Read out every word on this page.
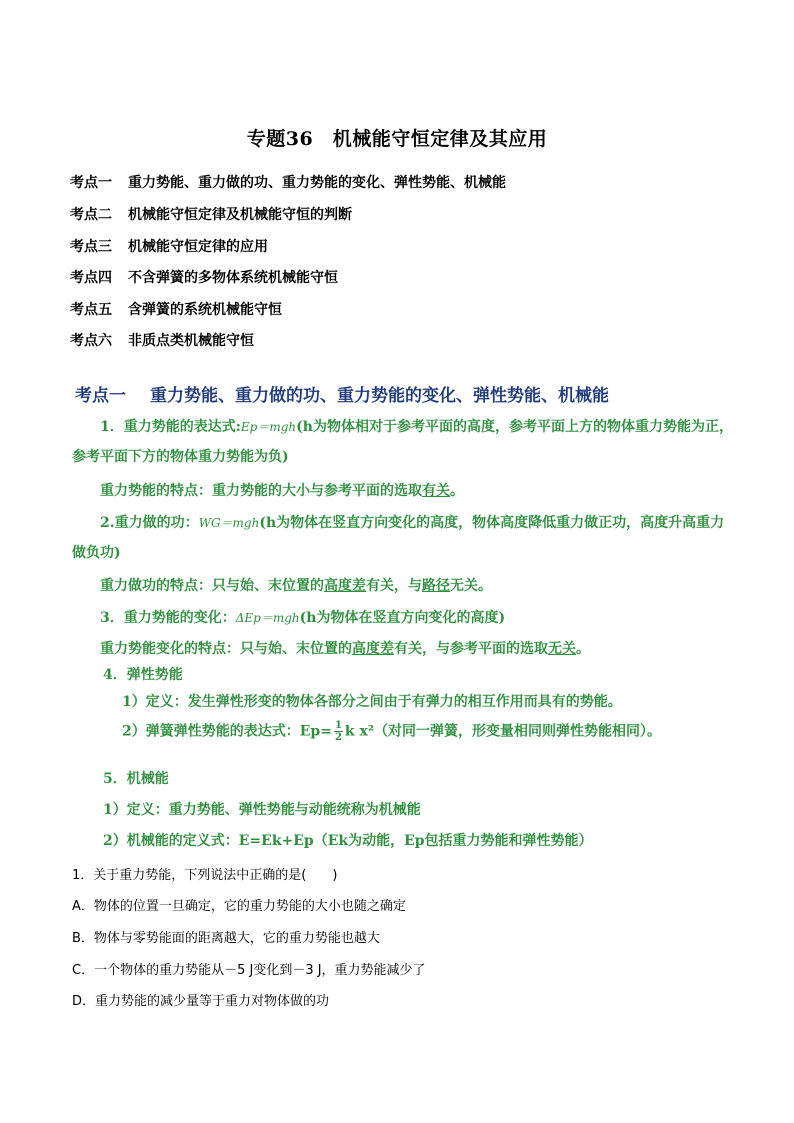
专题36　机械能守恒定律及其应用
考点一 重力势能、重力做的功、重力势能的变化、弹性势能、机械能
考点二 机械能守恒定律及机械能守恒的判断
考点三 机械能守恒定律的应用
考点四 不含弹簧的多物体系统机械能守恒
考点五 含弹簧的系统机械能守恒
考点六 非质点类机械能守恒
考点一 重力势能、重力做的功、重力势能的变化、弹性势能、机械能
1．重力势能的表达式:Ep＝mgh(h为物体相对于参考平面的高度，参考平面上方的物体重力势能为正，
参考平面下方的物体重力势能为负)
重力势能的特点：重力势能的大小与参考平面的选取有关。
2.重力做的功：WG＝mgh(h为物体在竖直方向变化的高度，物体高度降低重力做正功，高度升高重力
做负功)
重力做功的特点：只与始、末位置的高度差有关，与路径无关。
3．重力势能的变化：ΔEp＝mgh(h为物体在竖直方向变化的高度)
重力势能变化的特点：只与始、末位置的高度差有关，与参考平面的选取无关。
4．弹性势能
1）定义：发生弹性形变的物体各部分之间由于有弹力的相互作用而具有的势能。
2）弹簧弹性势能的表达式：$Ep= \frac{1}{2}$ k x²（对同一弹簧，形变量相同则弹性势能相同）。
5．机械能
1）定义：重力势能、弹性势能与动能统称为机械能
2）机械能的定义式：E=Ek+Ep（Ek为动能，Ep包括重力势能和弹性势能）
1．关于重力势能，下列说法中正确的是(　　)
A．物体的位置一旦确定，它的重力势能的大小也随之确定
B．物体与零势能面的距离越大，它的重力势能也越大
C．一个物体的重力势能从－5 J变化到－3 J，重力势能减少了
D．重力势能的减少量等于重力对物体做的功
